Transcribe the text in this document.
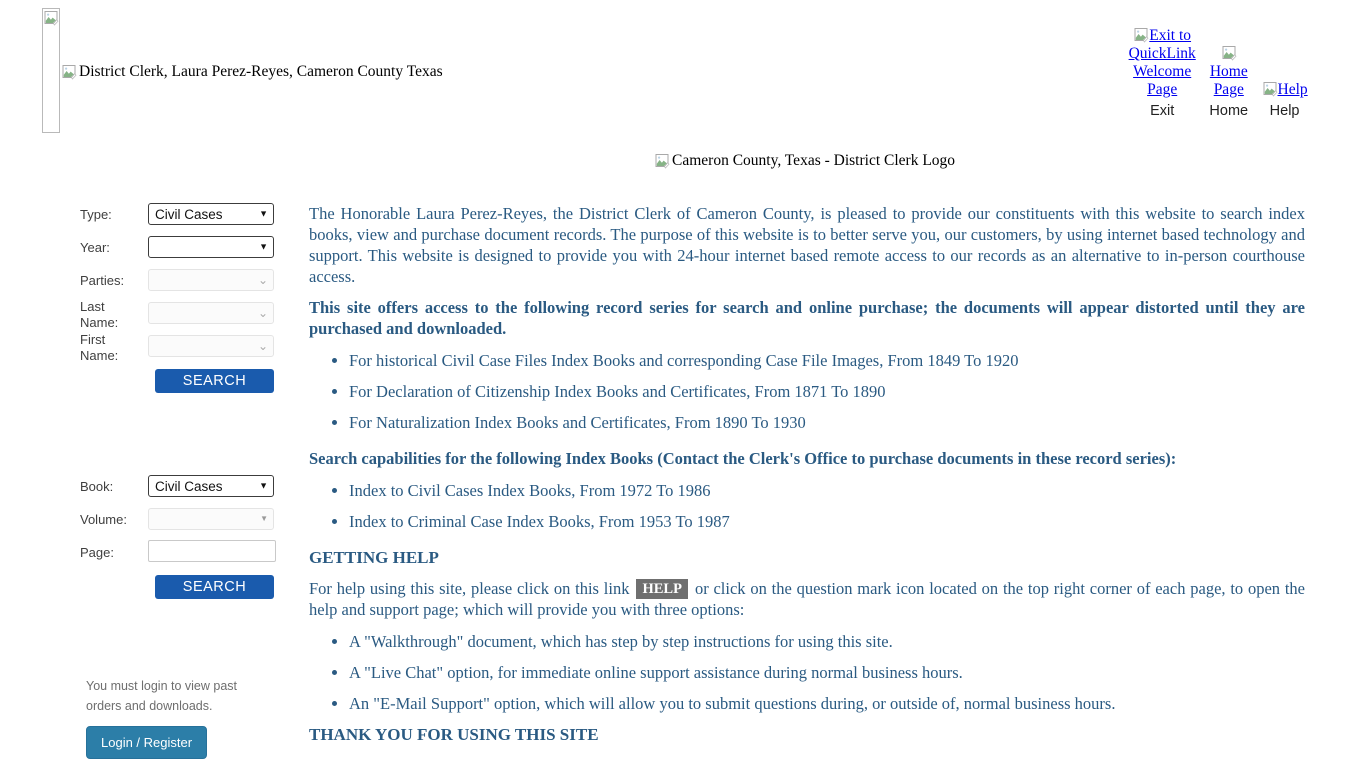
District Clerk, Laura Perez-Reyes, Cameron County Texas
Exit to QuickLink Welcome Page
Exit
Home Page
Home
Help
Help
Cameron County, Texas - District Clerk Logo
Type:
Civil Cases	▼
Year:	▼
Parties:	⌄
Last Name:
⌄
First Name:
⌄
SEARCH
Book:
Civil Cases	▼
Volume:	▼
Page:
SEARCH
You must login to view past orders and downloads.
Login / Register

The Honorable Laura Perez-Reyes, the District Clerk of Cameron County, is pleased to provide our constituents with this website to search index books, view and purchase document records. The purpose of this website is to better serve you, our customers, by using internet based technology and support. This website is designed to provide you with 24-hour internet based remote access to our records as an alternative to in-person courthouse access.

This site offers access to the following record series for search and online purchase; the documents will appear distorted until they are purchased and downloaded.

• For historical Civil Case Files Index Books and corresponding Case File Images, From 1849 To 1920
• For Declaration of Citizenship Index Books and Certificates, From 1871 To 1890
• For Naturalization Index Books and Certificates, From 1890 To 1930

Search capabilities for the following Index Books (Contact the Clerk's Office to purchase documents in these record series):

• Index to Civil Cases Index Books, From 1972 To 1986
• Index to Criminal Case Index Books, From 1953 To 1987

GETTING HELP

For help using this site, please click on this link HELP or click on the question mark icon located on the top right corner of each page, to open the help and support page; which will provide you with three options:

• A "Walkthrough" document, which has step by step instructions for using this site.
• A "Live Chat" option, for immediate online support assistance during normal business hours.
• An "E-Mail Support" option, which will allow you to submit questions during, or outside of, normal business hours.

THANK YOU FOR USING THIS SITE
